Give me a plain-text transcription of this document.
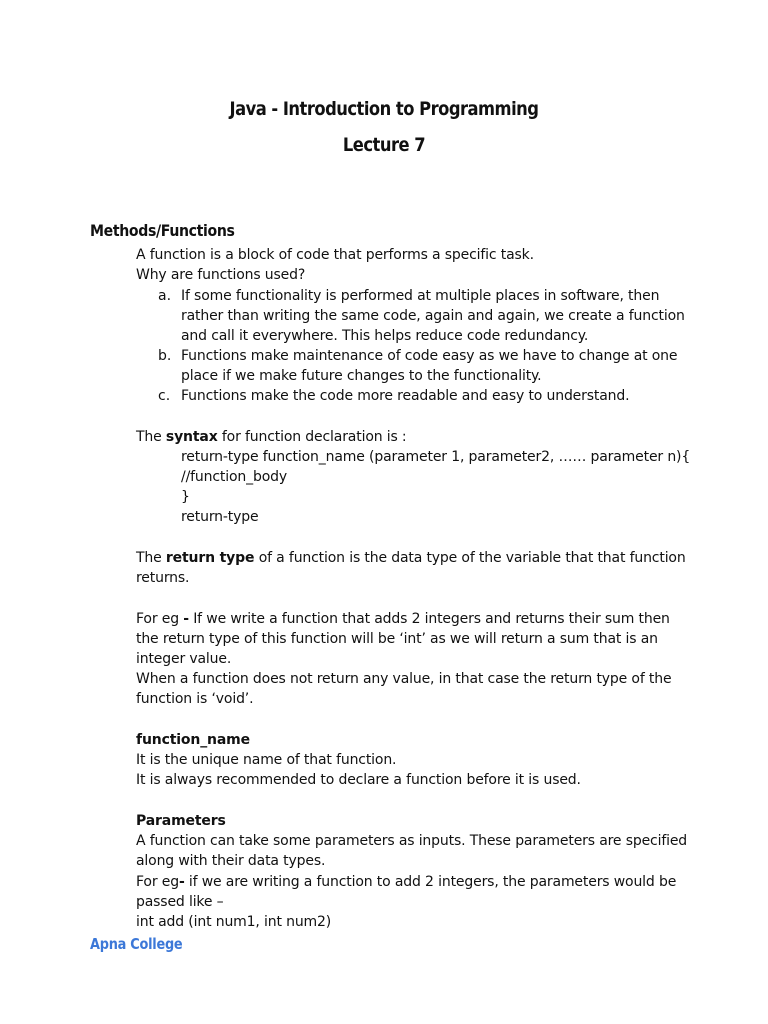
Java - Introduction to Programming
Lecture 7
Methods/Functions
A function is a block of code that performs a specific task.
Why are functions used?
a. If some functionality is performed at multiple places in software, then
rather than writing the same code, again and again, we create a function
and call it everywhere. This helps reduce code redundancy.
b. Functions make maintenance of code easy as we have to change at one
place if we make future changes to the functionality.
c. Functions make the code more readable and easy to understand.
The syntax for function declaration is :
return-type function_name (parameter 1, parameter2, …… parameter n){
//function_body
}
return-type
The return type of a function is the data type of the variable that that function
returns.
For eg - If we write a function that adds 2 integers and returns their sum then
the return type of this function will be ‘int’ as we will return a sum that is an
integer value.
When a function does not return any value, in that case the return type of the
function is ‘void’.
function_name
It is the unique name of that function.
It is always recommended to declare a function before it is used.
Parameters
A function can take some parameters as inputs. These parameters are specified
along with their data types.
For eg- if we are writing a function to add 2 integers, the parameters would be
passed like –
int add (int num1, int num2)
Apna College
